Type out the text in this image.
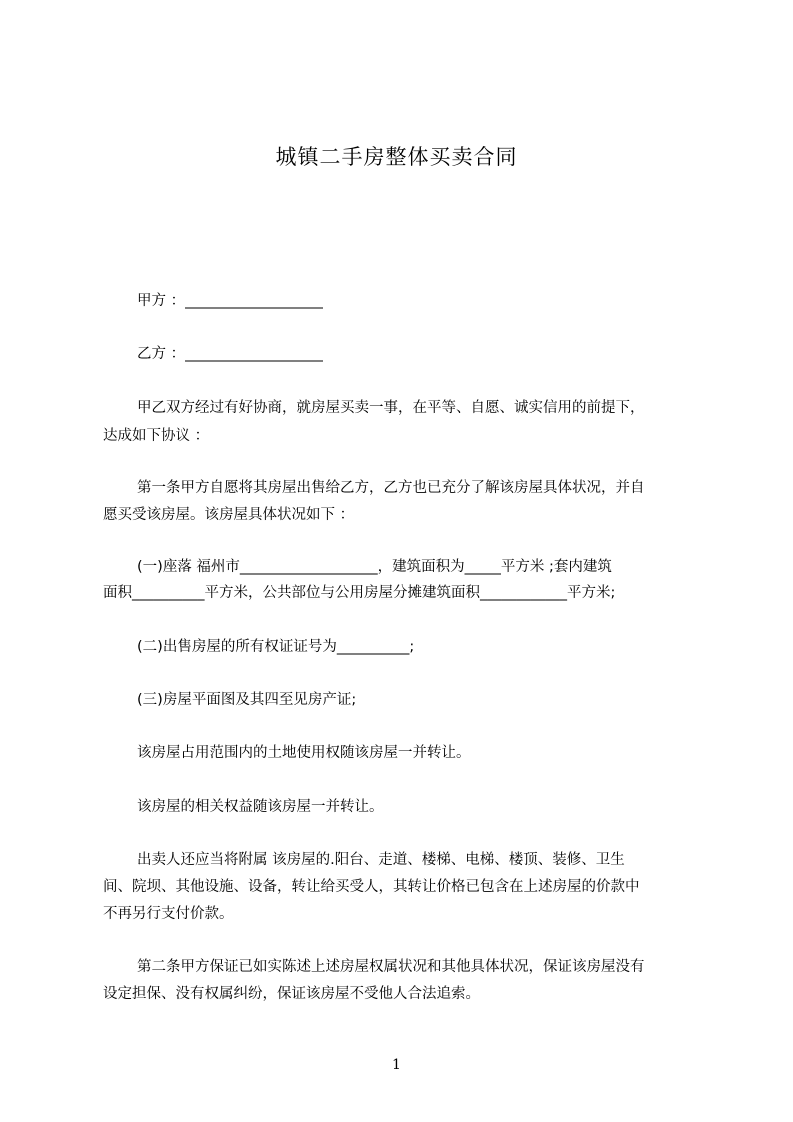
城镇二手房整体买卖合同
甲方 ：___________________
乙方 ：___________________
甲乙双方经过有好协商，就房屋买卖一事，在平等、自愿、诚实信用的前提下，
达成如下协议 ：
第一条甲方自愿将其房屋出售给乙方，乙方也已充分了解该房屋具体状况，并自
愿买受该房屋。该房屋具体状况如下 ：
(一)座落 福州市___________________，建筑面积为_____平方米 ;套内建筑
面积__________平方米，公共部位与公用房屋分摊建筑面积____________平方米;
(二)出售房屋的所有权证证号为__________;
(三)房屋平面图及其四至见房产证;
该房屋占用范围内的土地使用权随该房屋一并转让。
该房屋的相关权益随该房屋一并转让。
出卖人还应当将附属 该房屋的.阳台、走道、楼梯、电梯、楼顶、装修、卫生
间、院坝、其他设施、设备，转让给买受人，其转让价格已包含在上述房屋的价款中
不再另行支付价款。
第二条甲方保证已如实陈述上述房屋权属状况和其他具体状况，保证该房屋没有
设定担保、没有权属纠纷，保证该房屋不受他人合法追索。
1
